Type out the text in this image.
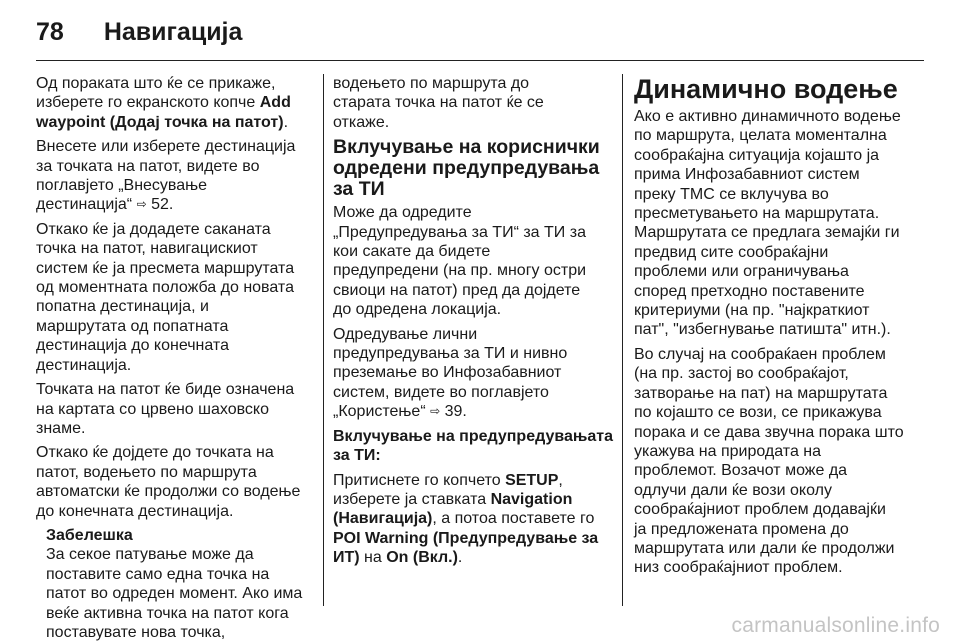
78 Навигација
Од пораката што ќе се прикаже,
изберете го екранското копче Add
waypoint (Додај точка на патот).
Внесете или изберете дестинација
за точката на патот, видете во
поглавјето „Внесување
дестинација“ ⇨ 52.
Откако ќе ја додадете саканата
точка на патот, навигацискиот
систем ќе ја пресмета маршрутата
од моментната положба до новата
попатна дестинација, и
маршрутата од попатната
дестинација до конечната
дестинација.
Точката на патот ќе биде означена
на картата со црвено шаховско
знаме.
Откако ќе дојдете до точката на
патот, водењето по маршрута
автоматски ќе продолжи со водење
до конечната дестинација.
Забелешка
За секое патување може да
поставите само една точка на
патот во одреден момент. Ако има
веќе активна точка на патот кога
поставувате нова точка,
водењето по маршрута до
старата точка на патот ќе се
откаже.
Вклучување на кориснички одредени предупредувања за ТИ
Може да одредите
„Предупредувања за ТИ“ за ТИ за
кои сакате да бидете
предупредени (на пр. многу остри
свиоци на патот) пред да дојдете
до одредена локација.
Одредување лични
предупредувања за ТИ и нивно
преземање во Инфозабавниот
систем, видете во поглавјето
„Користење“ ⇨ 39.
Вклучување на предупредувањата
за ТИ:
Притиснете го копчето SETUP,
изберете ја ставката Navigation
(Навигација), а потоа поставете го
POI Warning (Предупредување за
ИТ) на On (Вкл.).
Динамично водење
Ако е активно динамичното водење
по маршрута, целата моментална
сообраќајна ситуација којашто ја
прима Инфозабавниот систем
преку TMC се вклучува во
пресметувањето на маршрутата.
Маршрутата се предлага земајќи ги
предвид сите сообраќајни
проблеми или ограничувања
според претходно поставените
критериуми (на пр. "најкраткиот
пат", "избегнување патишта" итн.).
Во случај на сообраќаен проблем
(на пр. застој во сообраќајот,
затворање на пат) на маршрутата
по којашто се вози, се прикажува
порака и се дава звучна порака што
укажува на природата на
проблемот. Возачот може да
одлучи дали ќе вози околу
сообраќајниот проблем додавајќи
ја предложената промена до
маршрутата или дали ќе продолжи
низ сообраќајниот проблем.
carmanualsonline.info
